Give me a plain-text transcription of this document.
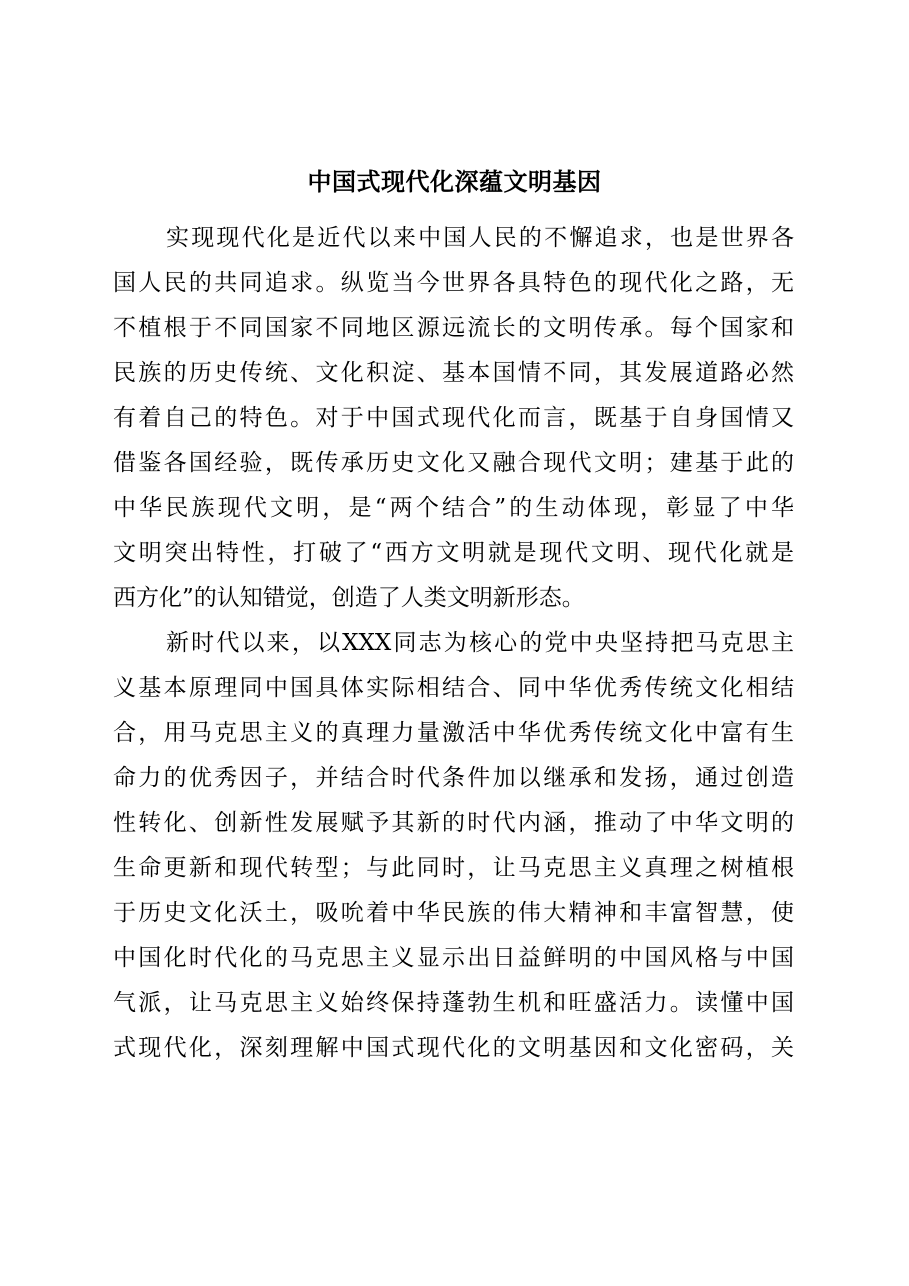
中国式现代化深蕴文明基因
实现现代化是近代以来中国人民的不懈追求，也是世界各
国人民的共同追求。纵览当今世界各具特色的现代化之路，无
不植根于不同国家不同地区源远流长的文明传承。每个国家和
民族的历史传统、文化积淀、基本国情不同，其发展道路必然
有着自己的特色。对于中国式现代化而言，既基于自身国情又
借鉴各国经验，既传承历史文化又融合现代文明；建基于此的
中华民族现代文明，是“两个结合”的生动体现，彰显了中华
文明突出特性，打破了“西方文明就是现代文明、现代化就是
西方化”的认知错觉，创造了人类文明新形态。
新时代以来，以XXX同志为核心的党中央坚持把马克思主
义基本原理同中国具体实际相结合、同中华优秀传统文化相结
合，用马克思主义的真理力量激活中华优秀传统文化中富有生
命力的优秀因子，并结合时代条件加以继承和发扬，通过创造
性转化、创新性发展赋予其新的时代内涵，推动了中华文明的
生命更新和现代转型；与此同时，让马克思主义真理之树植根
于历史文化沃土，吸吮着中华民族的伟大精神和丰富智慧，使
中国化时代化的马克思主义显示出日益鲜明的中国风格与中国
气派，让马克思主义始终保持蓬勃生机和旺盛活力。读懂中国
式现代化，深刻理解中国式现代化的文明基因和文化密码，关
